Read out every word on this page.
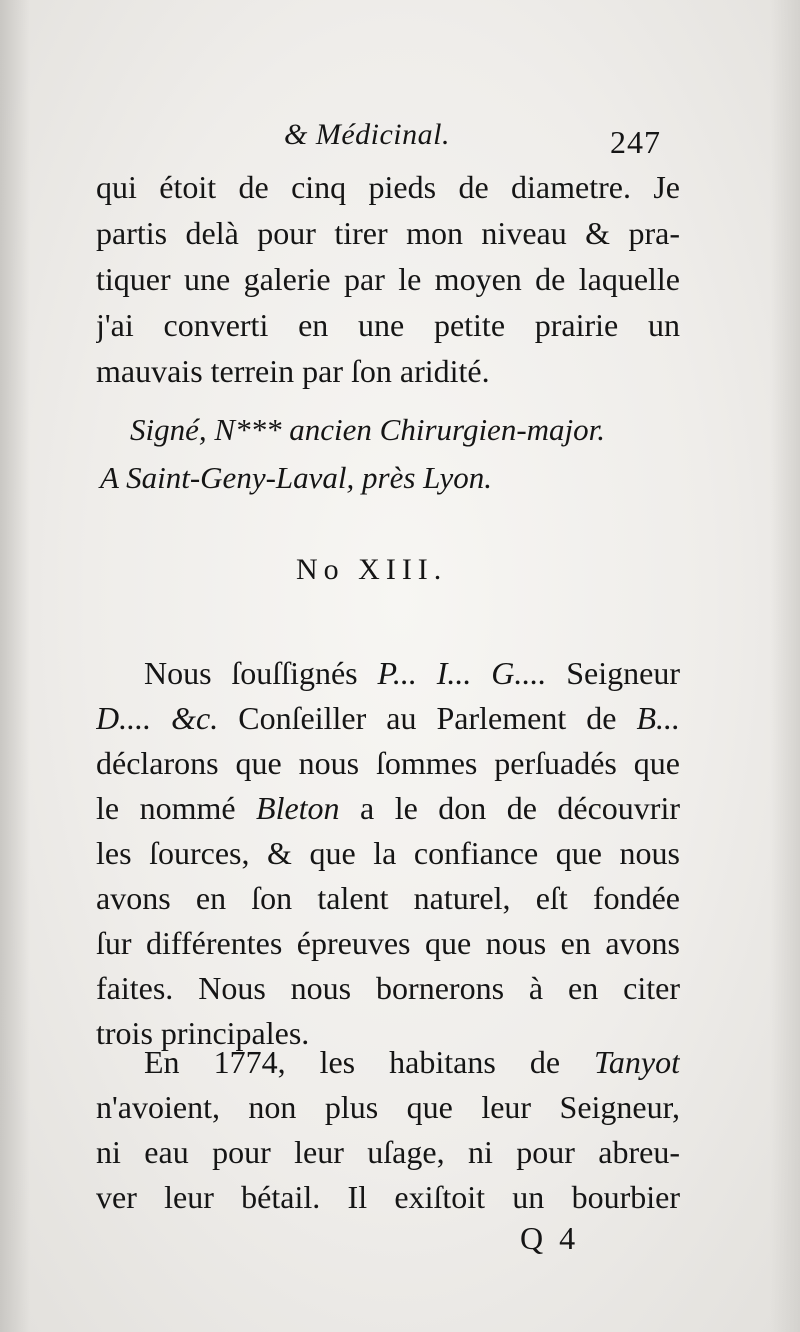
& Médicinal.	247
qui étoit de cinq pieds de diametre. Je
partis delà pour tirer mon niveau & pra-
tiquer une galerie par le moyen de laquelle
j'ai converti en une petite prairie un
mauvais terrein par ſon aridité.
Signé, N*** ancien Chirurgien-major.
A Saint-Geny-Laval, près Lyon.
No XIII.
Nous ſouſſignés P... I... G.... Seigneur
D.... &c. Conſeiller au Parlement de B...
déclarons que nous ſommes perſuadés que
le nommé Bleton a le don de découvrir
les ſources, & que la confiance que nous
avons en ſon talent naturel, eſt fondée
ſur différentes épreuves que nous en avons
faites. Nous nous bornerons à en citer
trois principales.
En 1774, les habitans de Tanyot
n'avoient, non plus que leur Seigneur,
ni eau pour leur uſage, ni pour abreu-
ver leur bétail. Il exiſtoit un bourbier
Q 4
